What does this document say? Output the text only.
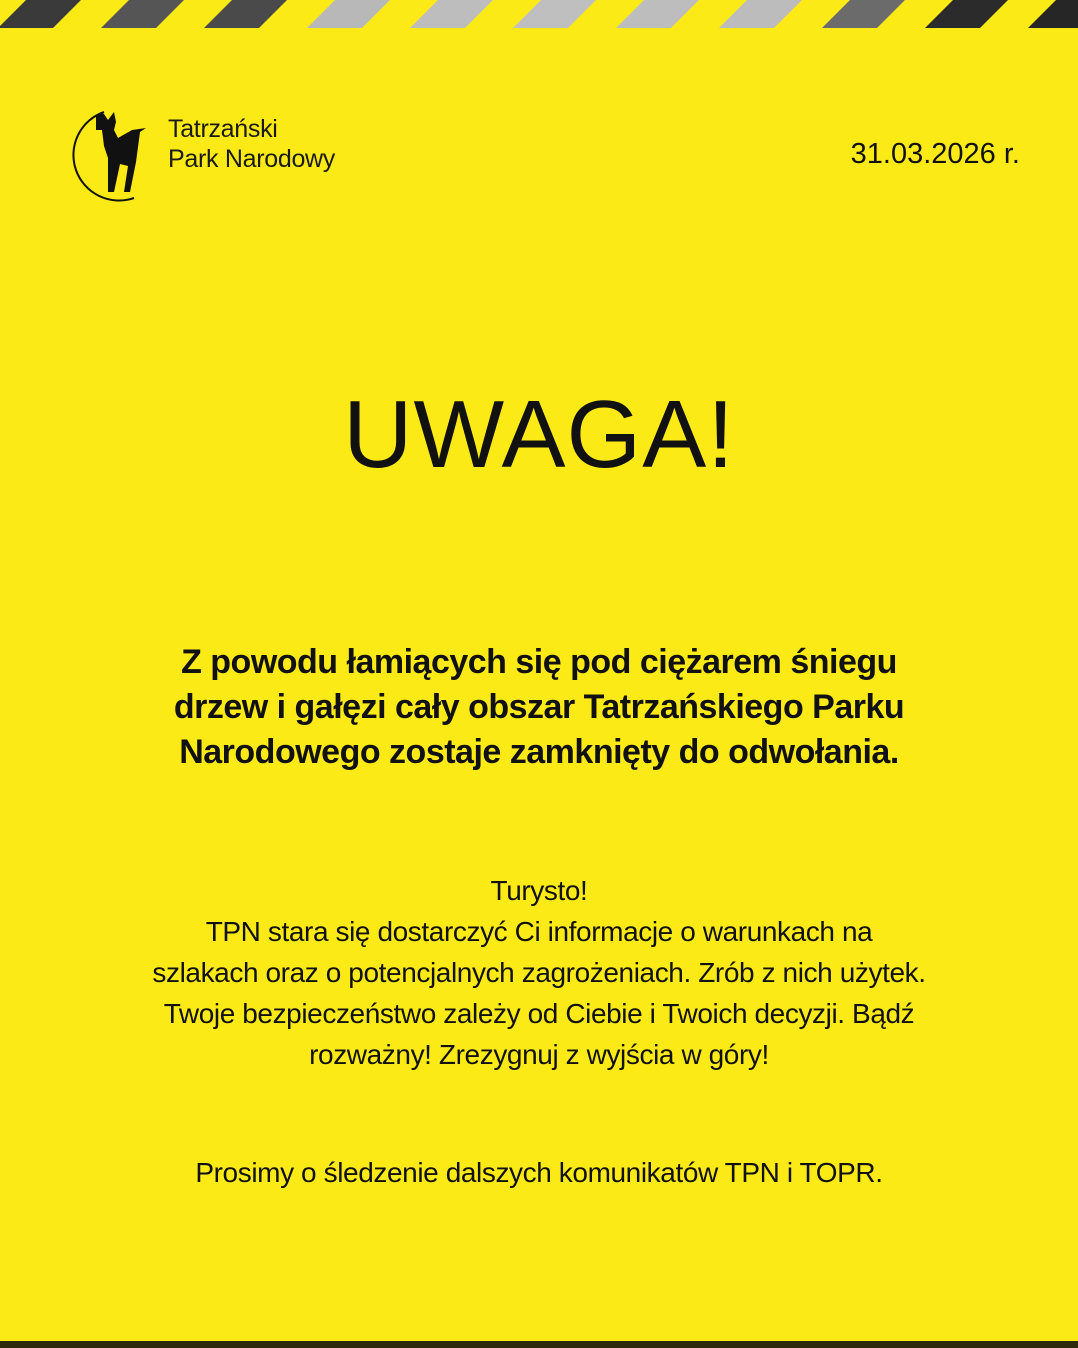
Tatrzański
Park Narodowy	31.03.2026 r.
UWAGA!
Z powodu łamiących się pod ciężarem śniegu
drzew i gałęzi cały obszar Tatrzańskiego Parku
Narodowego zostaje zamknięty do odwołania.
Turysto!
TPN stara się dostarczyć Ci informacje o warunkach na
szlakach oraz o potencjalnych zagrożeniach. Zrób z nich użytek.
Twoje bezpieczeństwo zależy od Ciebie i Twoich decyzji. Bądź
rozważny! Zrezygnuj z wyjścia w góry!
Prosimy o śledzenie dalszych komunikatów TPN i TOPR.
